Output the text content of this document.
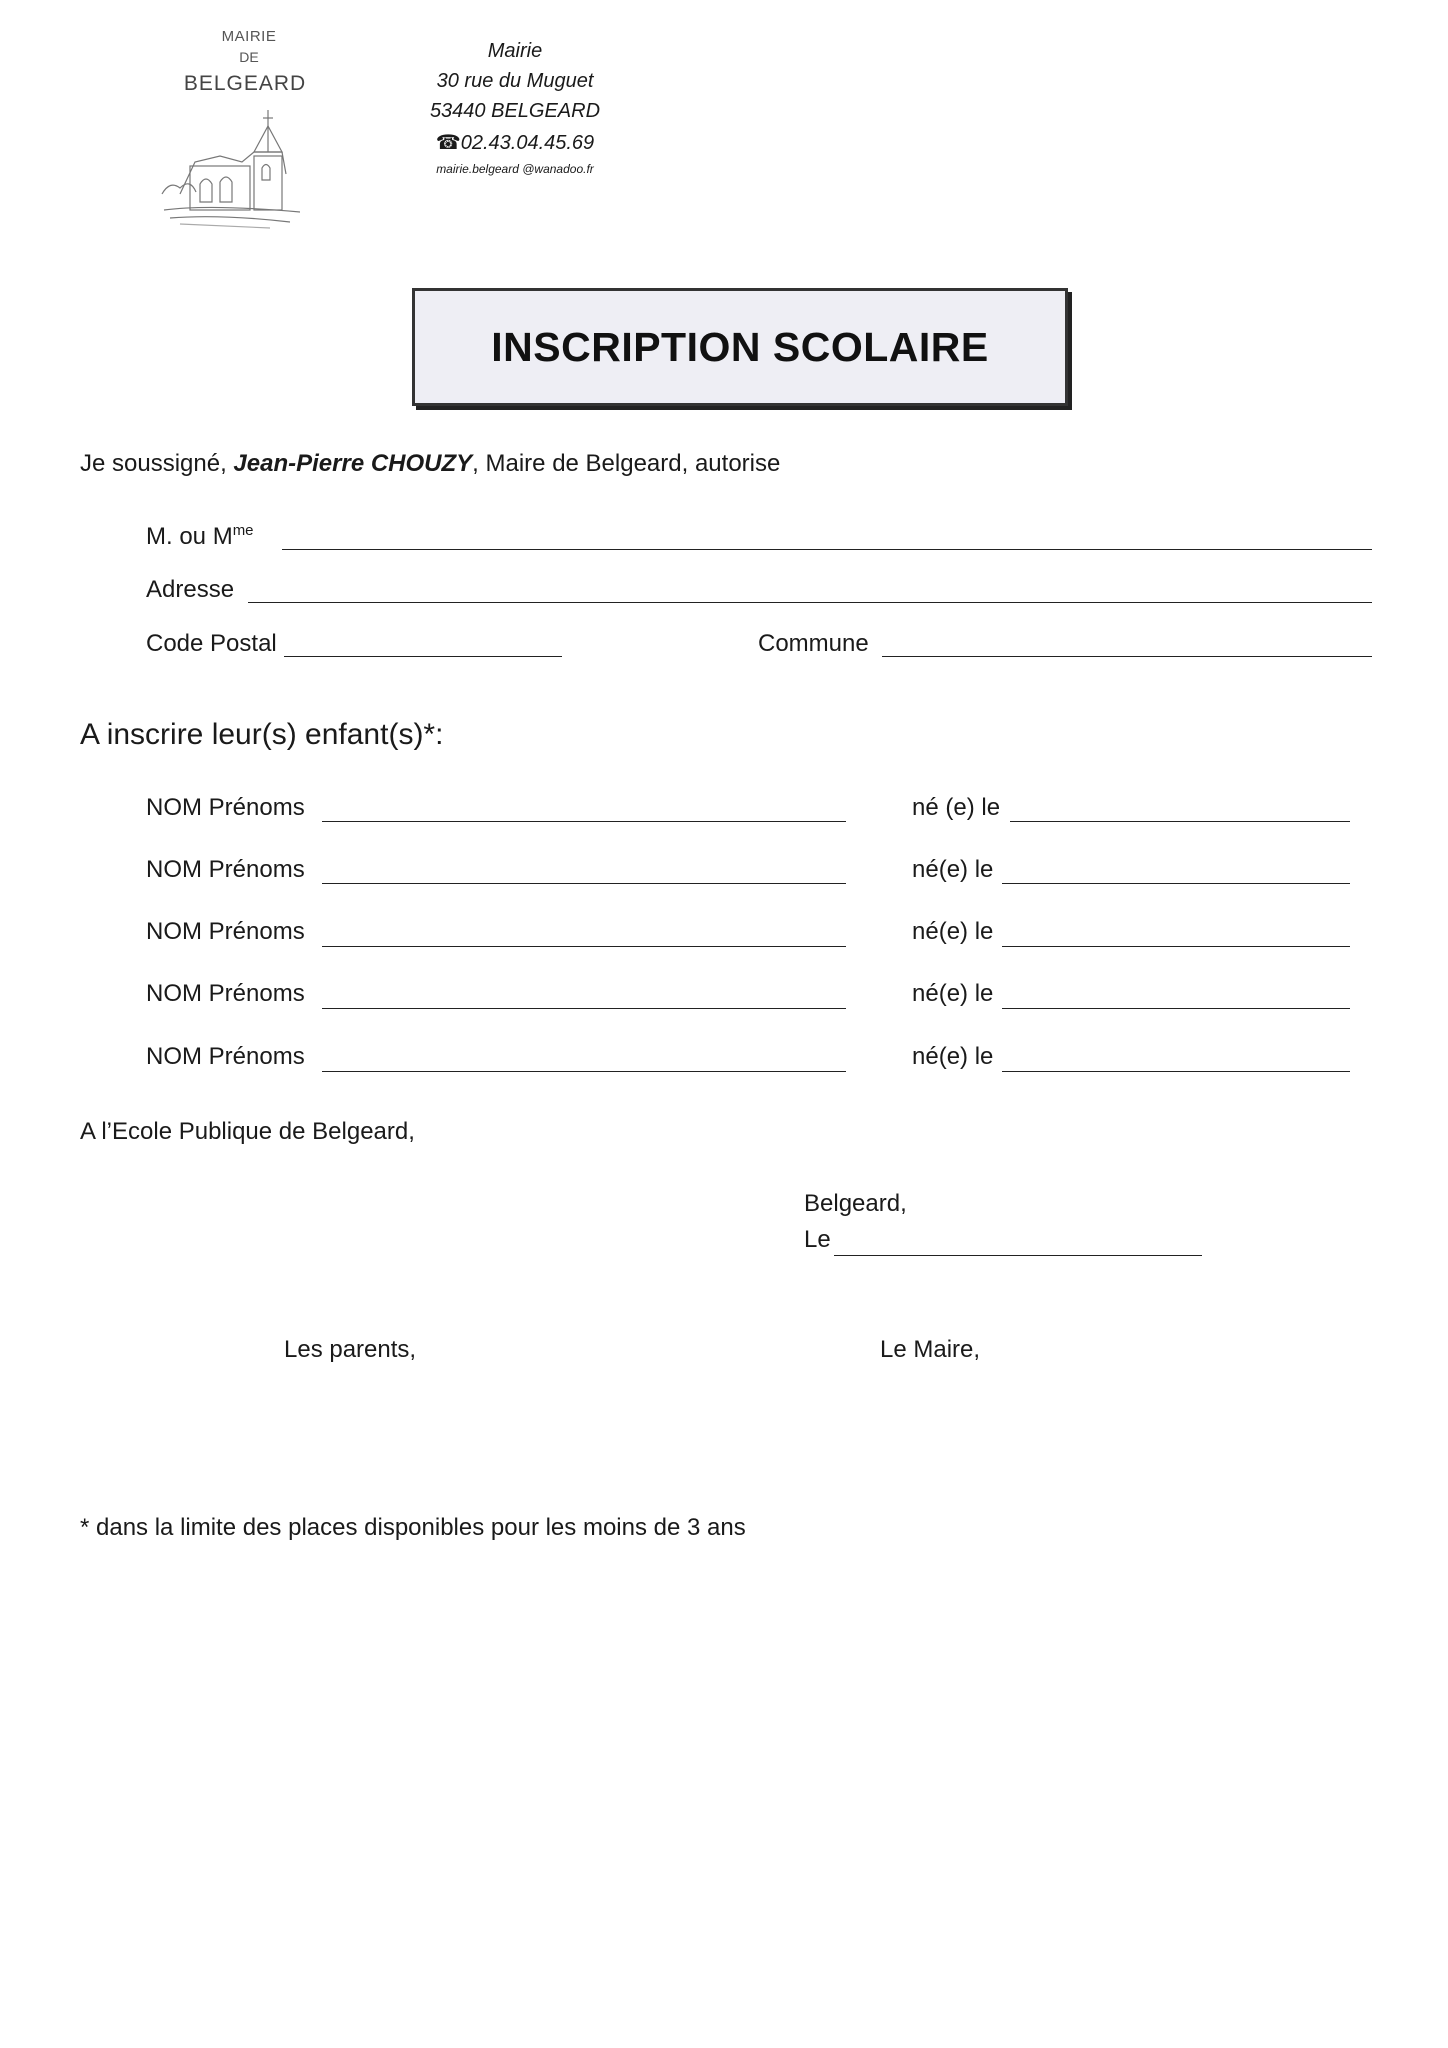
MAIRIE
DE
BELGEARD
Mairie
30 rue du Muguet
53440 BELGEARD
☎02.43.04.45.69
mairie.belgeard @wanadoo.fr
INSCRIPTION SCOLAIRE
Je soussigné, Jean-Pierre CHOUZY, Maire de Belgeard, autorise
M. ou $M^{me}$
Adresse
Code Postal	Commune
A inscrire leur(s) enfant(s)*:
NOM Prénoms	né (e) le
NOM Prénoms	né(e) le
NOM Prénoms	né(e) le
NOM Prénoms	né(e) le
NOM Prénoms	né(e) le
A l’Ecole Publique de Belgeard,
Belgeard,
Le
Les parents,	Le Maire,
* dans la limite des places disponibles pour les moins de 3 ans
